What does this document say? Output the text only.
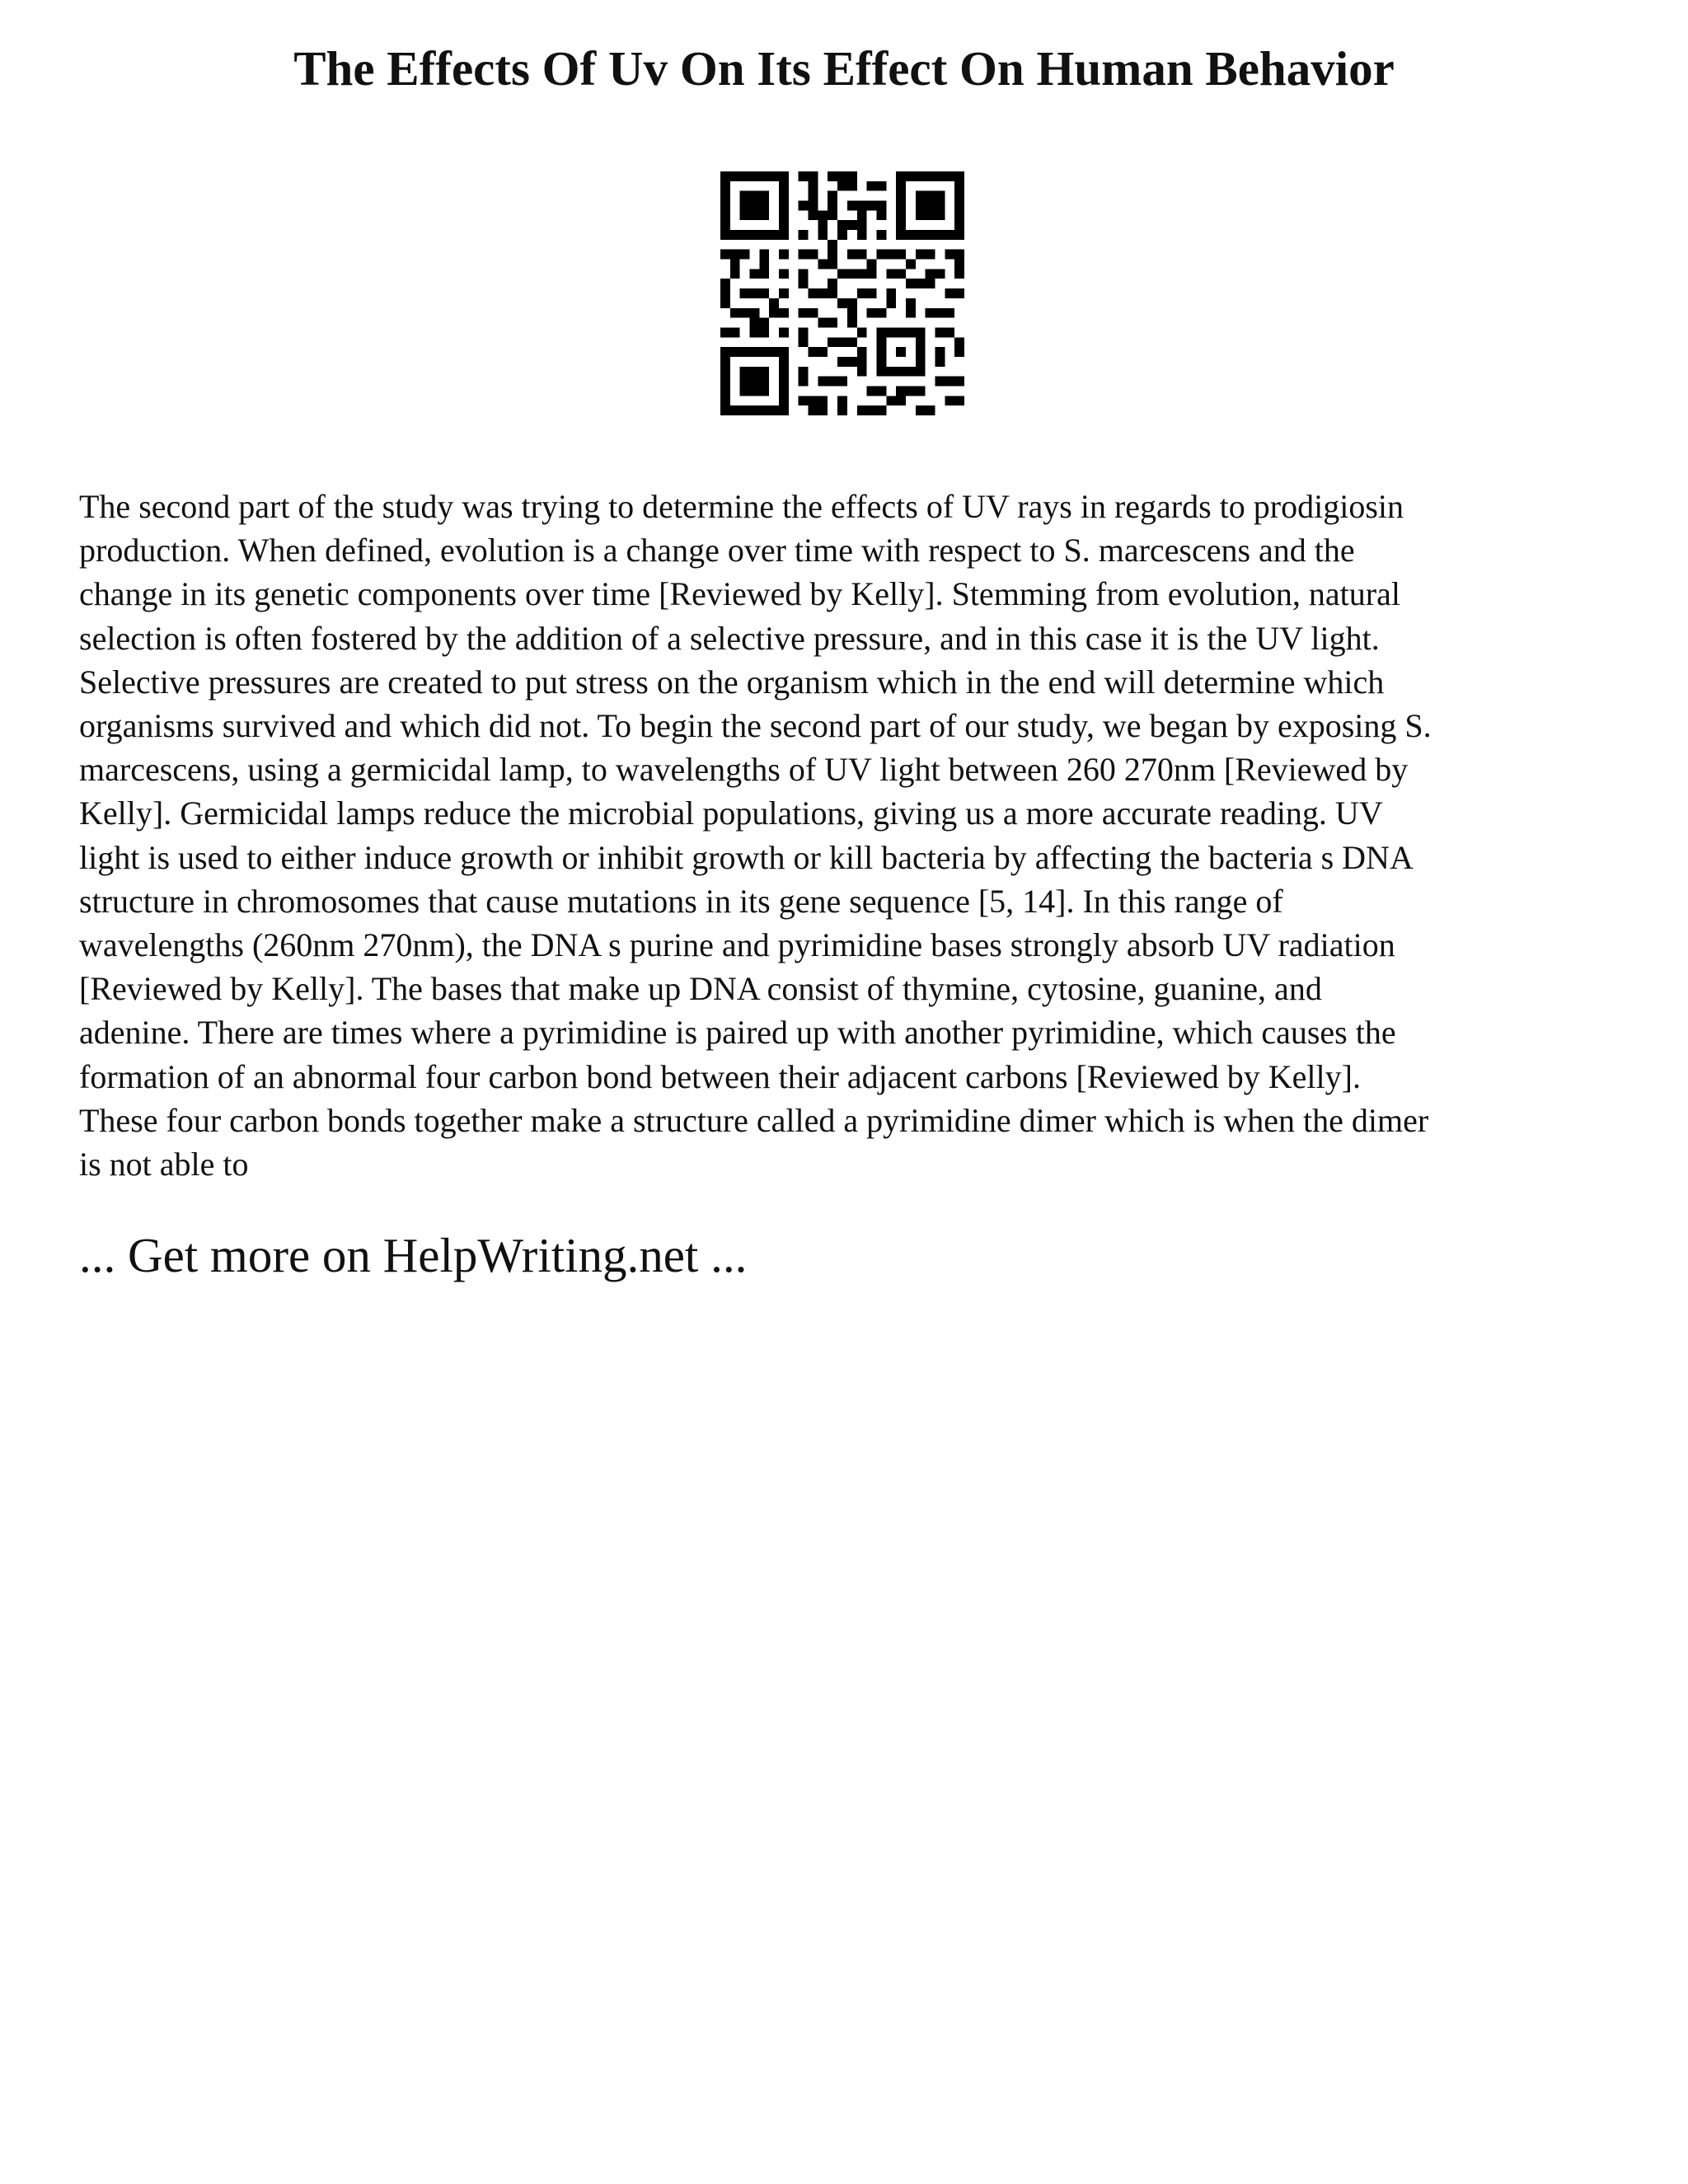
The Effects Of Uv On Its Effect On Human Behavior

The second part of the study was trying to determine the effects of UV rays in regards to prodigiosin
production. When defined, evolution is a change over time with respect to S. marcescens and the
change in its genetic components over time [Reviewed by Kelly]. Stemming from evolution, natural
selection is often fostered by the addition of a selective pressure, and in this case it is the UV light.
Selective pressures are created to put stress on the organism which in the end will determine which
organisms survived and which did not. To begin the second part of our study, we began by exposing S.
marcescens, using a germicidal lamp, to wavelengths of UV light between 260 270nm [Reviewed by
Kelly]. Germicidal lamps reduce the microbial populations, giving us a more accurate reading. UV
light is used to either induce growth or inhibit growth or kill bacteria by affecting the bacteria s DNA
structure in chromosomes that cause mutations in its gene sequence [5, 14]. In this range of
wavelengths (260nm 270nm), the DNA s purine and pyrimidine bases strongly absorb UV radiation
[Reviewed by Kelly]. The bases that make up DNA consist of thymine, cytosine, guanine, and
adenine. There are times where a pyrimidine is paired up with another pyrimidine, which causes the
formation of an abnormal four carbon bond between their adjacent carbons [Reviewed by Kelly].
These four carbon bonds together make a structure called a pyrimidine dimer which is when the dimer
is not able to

... Get more on HelpWriting.net ...
